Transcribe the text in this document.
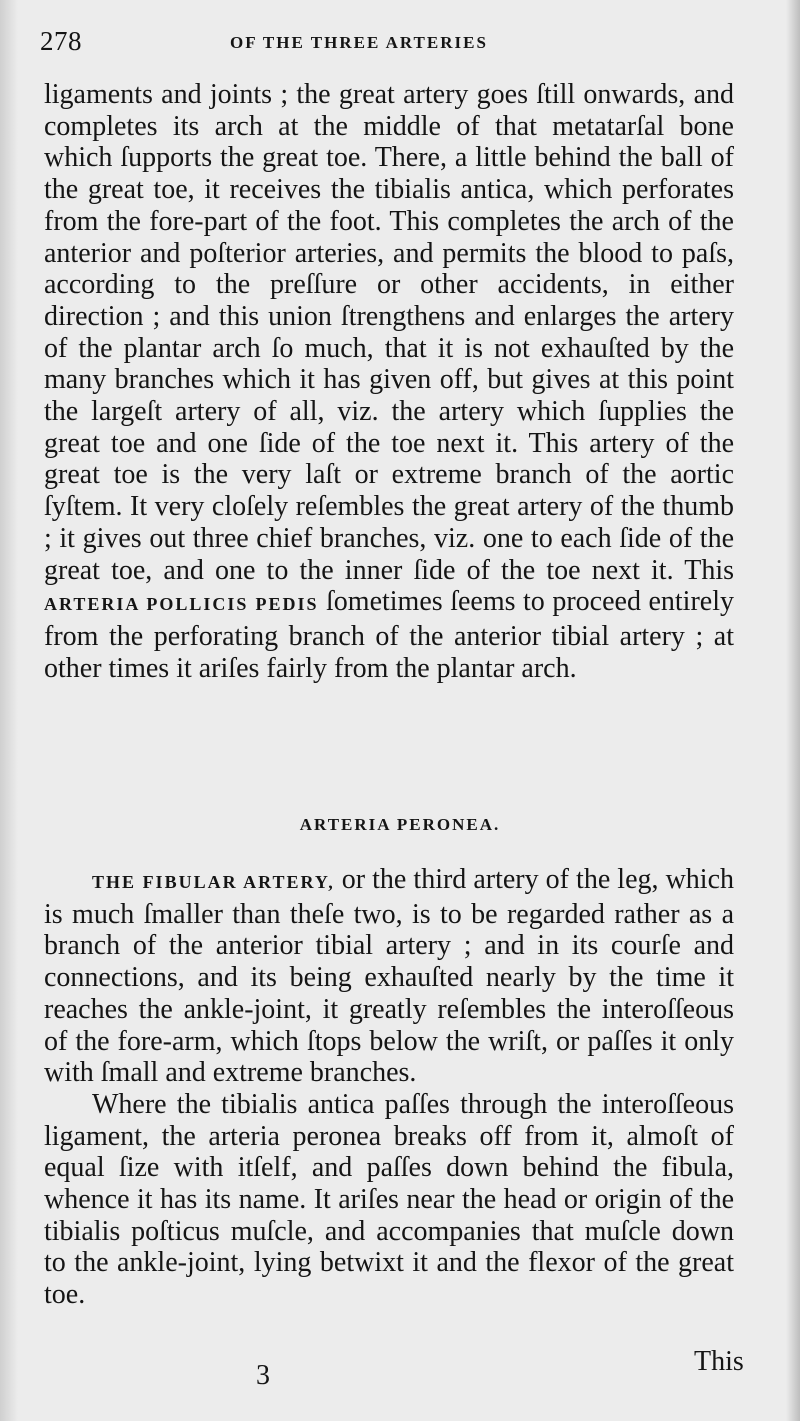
278	OF THE THREE ARTERIES

ligaments and joints ; the great artery goes ſtill onwards, and completes its arch at the middle of that metatarſal bone which ſupports the great toe. There, a little behind the ball of the great toe, it receives the tibialis antica, which perforates from the fore-part of the foot. This completes the arch of the anterior and poſterior arteries, and permits the blood to paſs, according to the preſſure or other accidents, in either direction ; and this union ſtrengthens and enlarges the artery of the plantar arch ſo much, that it is not exhauſted by the many branches which it has given off, but gives at this point the largeſt artery of all, viz. the artery which ſupplies the great toe and one ſide of the toe next it. This artery of the great toe is the very laſt or extreme branch of the aortic ſyſtem. It very cloſely reſembles the great artery of the thumb ; it gives out three chief branches, viz. one to each ſide of the great toe, and one to the inner ſide of the toe next it. This ARTERIA POLLICIS PEDIS ſometimes ſeems to proceed entirely from the perforating branch of the anterior tibial artery ; at other times it ariſes fairly from the plantar arch.

ARTERIA PERONEA.

THE FIBULAR ARTERY, or the third artery of the leg, which is much ſmaller than theſe two, is to be regarded rather as a branch of the anterior tibial artery ; and in its courſe and connections, and its being exhauſted nearly by the time it reaches the ankle-joint, it greatly reſembles the interoſſeous of the fore-arm, which ſtops below the wriſt, or paſſes it only with ſmall and extreme branches.

Where the tibialis antica paſſes through the interoſſeous ligament, the arteria peronea breaks off from it, almoſt of equal ſize with itſelf, and paſſes down behind the fibula, whence it has its name. It ariſes near the head or origin of the tibialis poſticus muſcle, and accompanies that muſcle down to the ankle-joint, lying betwixt it and the flexor of the great toe.

3	This
